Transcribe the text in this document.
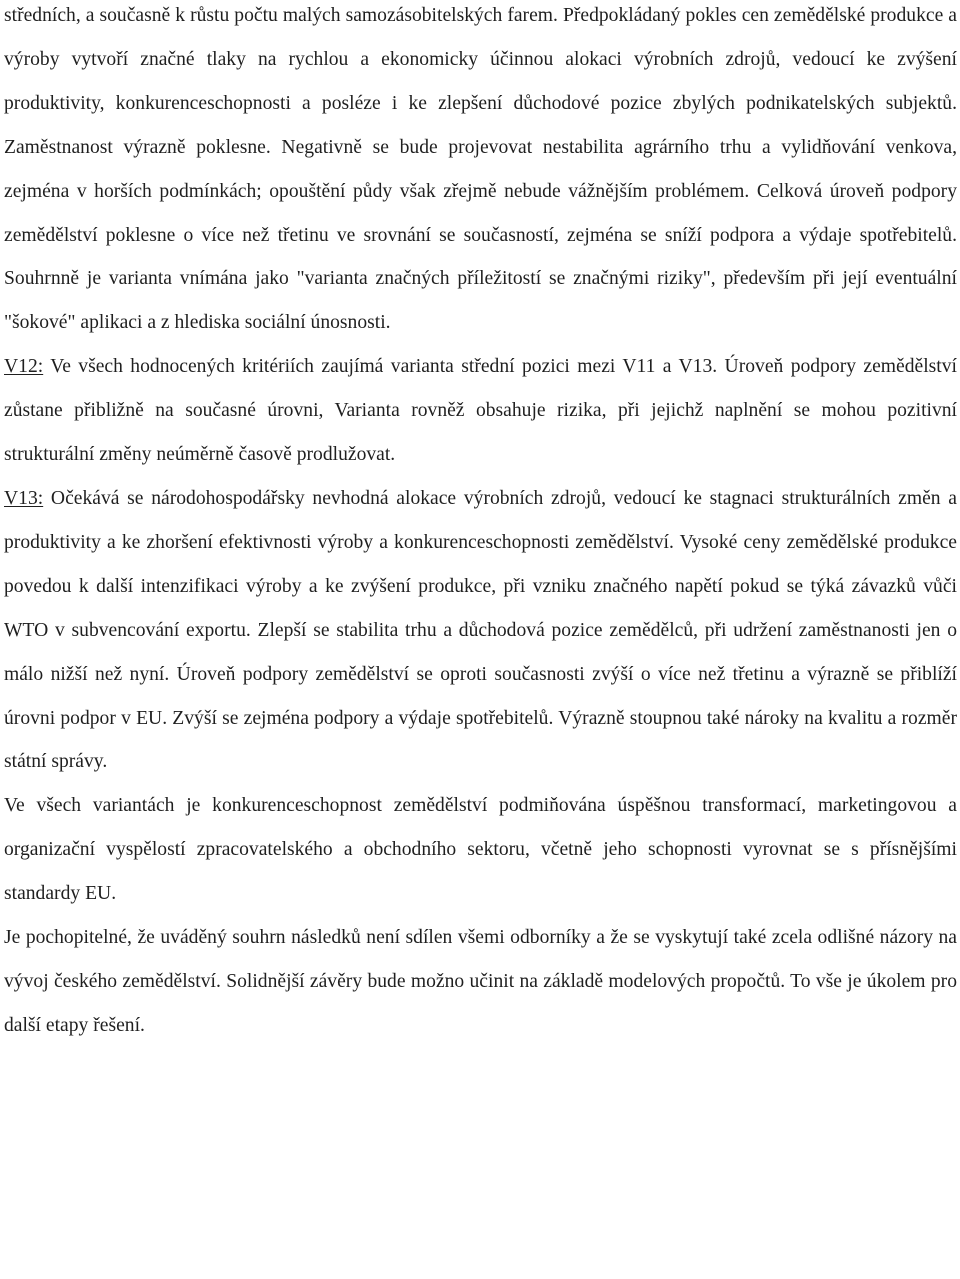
středních, a současně k růstu počtu malých samozásobitelských farem. Předpokládaný pokles cen zemědělské produkce a výroby vytvoří značné tlaky na rychlou a ekonomicky účinnou alokaci výrobních zdrojů, vedoucí ke zvýšení produktivity, konkurenceschopnosti a posléze i ke zlepšení důchodové pozice zbylých podnikatelských subjektů. Zaměstnanost výrazně poklesne. Negativně se bude projevovat nestabilita agrárního trhu a vylidňování venkova, zejména v horších podmínkách; opouštění půdy však zřejmě nebude vážnějším problémem. Celková úroveň podpory zemědělství poklesne o více než třetinu ve srovnání se současností, zejména se sníží podpora a výdaje spotřebitelů. Souhrnně je varianta vnímána jako "varianta značných příležitostí se značnými riziky", především při její eventuální "šokové" aplikaci a z hlediska sociální únosnosti.

V12: Ve všech hodnocených kritériích zaujímá varianta střední pozici mezi V11 a V13. Úroveň podpory zemědělství zůstane přibližně na současné úrovni, Varianta rovněž obsahuje rizika, při jejichž naplnění se mohou pozitivní strukturální změny neúměrně časově prodlužovat.

V13: Očekává se národohospodářsky nevhodná alokace výrobních zdrojů, vedoucí ke stagnaci strukturálních změn a produktivity a ke zhoršení efektivnosti výroby a konkurenceschopnosti zemědělství. Vysoké ceny zemědělské produkce povedou k další intenzifikaci výroby a ke zvýšení produkce, při vzniku značného napětí pokud se týká závazků vůči WTO v subvencování exportu. Zlepší se stabilita trhu a důchodová pozice zemědělců, při udržení zaměstnanosti jen o málo nižší než nyní. Úroveň podpory zemědělství se oproti současnosti zvýší o více než třetinu a výrazně se přiblíží úrovni podpor v EU. Zvýší se zejména podpory a výdaje spotřebitelů. Výrazně stoupnou také nároky na kvalitu a rozměr státní správy.

Ve všech variantách je konkurenceschopnost zemědělství podmiňována úspěšnou transformací, marketingovou a organizační vyspělostí zpracovatelského a obchodního sektoru, včetně jeho schopnosti vyrovnat se s přísnějšími standardy EU.

Je pochopitelné, že uváděný souhrn následků není sdílen všemi odborníky a že se vyskytují také zcela odlišné názory na vývoj českého zemědělství. Solidnější závěry bude možno učinit na základě modelových propočtů. To vše je úkolem pro další etapy řešení.
